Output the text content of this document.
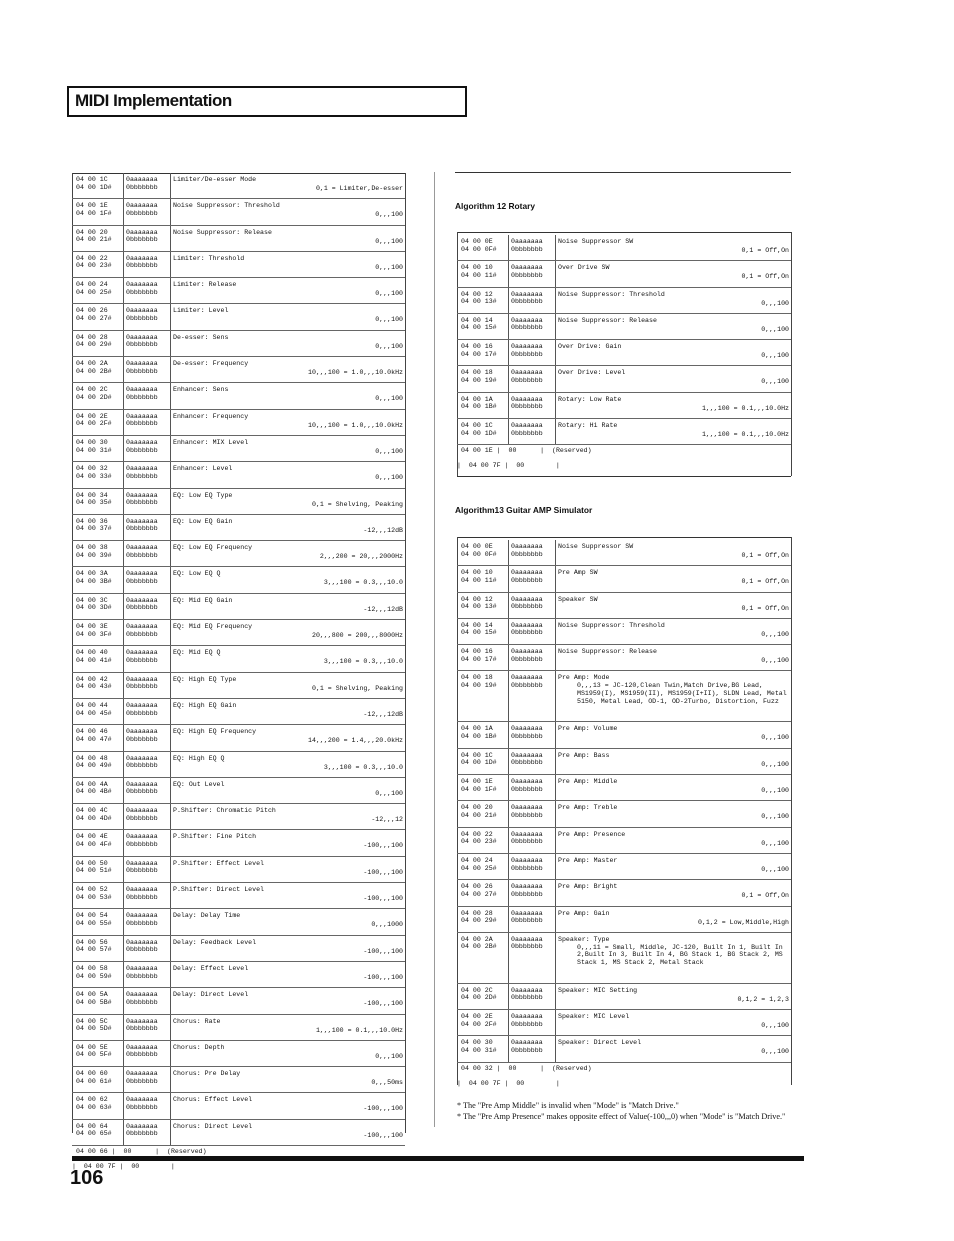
MIDI Implementation
04 00 1C
04 00 1D#
0aaaaaaa
0bbbbbbb
Limiter/De-esser Mode
0,1 = Limiter,De-esser
04 00 1E
04 00 1F#
0aaaaaaa
0bbbbbbb
Noise Suppressor: Threshold
0,,,100
04 00 20
04 00 21#
0aaaaaaa
0bbbbbbb
Noise Suppressor: Release
0,,,100
04 00 22
04 00 23#
0aaaaaaa
0bbbbbbb
Limiter: Threshold
0,,,100
04 00 24
04 00 25#
0aaaaaaa
0bbbbbbb
Limiter: Release
0,,,100
04 00 26
04 00 27#
0aaaaaaa
0bbbbbbb
Limiter: Level
0,,,100
04 00 28
04 00 29#
0aaaaaaa
0bbbbbbb
De-esser: Sens
0,,,100
04 00 2A
04 00 2B#
0aaaaaaa
0bbbbbbb
De-esser: Frequency
10,,,100 = 1.0,,,10.0kHz
04 00 2C
04 00 2D#
0aaaaaaa
0bbbbbbb
Enhancer: Sens
0,,,100
04 00 2E
04 00 2F#
0aaaaaaa
0bbbbbbb
Enhancer: Frequency
10,,,100 = 1.0,,,10.0kHz
04 00 30
04 00 31#
0aaaaaaa
0bbbbbbb
Enhancer: MIX Level
0,,,100
04 00 32
04 00 33#
0aaaaaaa
0bbbbbbb
Enhancer: Level
0,,,100
04 00 34
04 00 35#
0aaaaaaa
0bbbbbbb
EQ: Low EQ Type
0,1 = Shelving, Peaking
04 00 36
04 00 37#
0aaaaaaa
0bbbbbbb
EQ: Low EQ Gain
-12,,,12dB
04 00 38
04 00 39#
0aaaaaaa
0bbbbbbb
EQ: Low EQ Frequency
2,,,200 = 20,,,2000Hz
04 00 3A
04 00 3B#
0aaaaaaa
0bbbbbbb
EQ: Low EQ Q
3,,,100 = 0.3,,,10.0
04 00 3C
04 00 3D#
0aaaaaaa
0bbbbbbb
EQ: Mid EQ Gain
-12,,,12dB
04 00 3E
04 00 3F#
0aaaaaaa
0bbbbbbb
EQ: Mid EQ Frequency
20,,,800 = 200,,,8000Hz
04 00 40
04 00 41#
0aaaaaaa
0bbbbbbb
EQ: Mid EQ Q
3,,,100 = 0.3,,,10.0
04 00 42
04 00 43#
0aaaaaaa
0bbbbbbb
EQ: High EQ Type
0,1 = Shelving, Peaking
04 00 44
04 00 45#
0aaaaaaa
0bbbbbbb
EQ: High EQ Gain
-12,,,12dB
04 00 46
04 00 47#
0aaaaaaa
0bbbbbbb
EQ: High EQ Frequency
14,,,200 = 1.4,,,20.0kHz
04 00 48
04 00 49#
0aaaaaaa
0bbbbbbb
EQ: High EQ Q
3,,,100 = 0.3,,,10.0
04 00 4A
04 00 4B#
0aaaaaaa
0bbbbbbb
EQ: Out Level
0,,,100
04 00 4C
04 00 4D#
0aaaaaaa
0bbbbbbb
P.Shifter: Chromatic Pitch
-12,,,12
04 00 4E
04 00 4F#
0aaaaaaa
0bbbbbbb
P.Shifter: Fine Pitch
-100,,,100
04 00 50
04 00 51#
0aaaaaaa
0bbbbbbb
P.Shifter: Effect Level
-100,,,100
04 00 52
04 00 53#
0aaaaaaa
0bbbbbbb
P.Shifter: Direct Level
-100,,,100
04 00 54
04 00 55#
0aaaaaaa
0bbbbbbb
Delay: Delay Time
0,,,1000
04 00 56
04 00 57#
0aaaaaaa
0bbbbbbb
Delay: Feedback Level
-100,,,100
04 00 58
04 00 59#
0aaaaaaa
0bbbbbbb
Delay: Effect Level
-100,,,100
04 00 5A
04 00 5B#
0aaaaaaa
0bbbbbbb
Delay: Direct Level
-100,,,100
04 00 5C
04 00 5D#
0aaaaaaa
0bbbbbbb
Chorus: Rate
1,,,100 = 0.1,,,10.0Hz
04 00 5E
04 00 5F#
0aaaaaaa
0bbbbbbb
Chorus: Depth
0,,,100
04 00 60
04 00 61#
0aaaaaaa
0bbbbbbb
Chorus: Pre Delay
0,,,50ms
04 00 62
04 00 63#
0aaaaaaa
0bbbbbbb
Chorus: Effect Level
-100,,,100
04 00 64
04 00 65#
0aaaaaaa
0bbbbbbb
Chorus: Direct Level
-100,,,100
04 00 66 |  00      |  (Reserved)
|  04 00 7F |  00        |
Algorithm 12 Rotary
04 00 0E
04 00 0F#
0aaaaaaa
0bbbbbbb
Noise Suppressor SW
0,1 = Off,On
04 00 10
04 00 11#
0aaaaaaa
0bbbbbbb
Over Drive SW
0,1 = Off,On
04 00 12
04 00 13#
0aaaaaaa
0bbbbbbb
Noise Suppressor: Threshold
0,,,100
04 00 14
04 00 15#
0aaaaaaa
0bbbbbbb
Noise Suppressor: Release
0,,,100
04 00 16
04 00 17#
0aaaaaaa
0bbbbbbb
Over Drive: Gain
0,,,100
04 00 18
04 00 19#
0aaaaaaa
0bbbbbbb
Over Drive: Level
0,,,100
04 00 1A
04 00 1B#
0aaaaaaa
0bbbbbbb
Rotary: Low Rate
1,,,100 = 0.1,,,10.0Hz
04 00 1C
04 00 1D#
0aaaaaaa
0bbbbbbb
Rotary: Hi Rate
1,,,100 = 0.1,,,10.0Hz
04 00 1E |  00      |  (Reserved)
|  04 00 7F |  00        |
Algorithm13 Guitar AMP Simulator
04 00 0E
04 00 0F#
0aaaaaaa
0bbbbbbb
Noise Suppressor SW
0,1 = Off,On
04 00 10
04 00 11#
0aaaaaaa
0bbbbbbb
Pre Amp SW
0,1 = Off,On
04 00 12
04 00 13#
0aaaaaaa
0bbbbbbb
Speaker SW
0,1 = Off,On
04 00 14
04 00 15#
0aaaaaaa
0bbbbbbb
Noise Suppressor: Threshold
0,,,100
04 00 16
04 00 17#
0aaaaaaa
0bbbbbbb
Noise Suppressor: Release
0,,,100
04 00 18
04 00 19#
0aaaaaaa
0bbbbbbb
Pre Amp: Mode
0,,,13 = JC-120,Clean Twin,Match Drive,BG Lead, MS1959(I), MS1959(II), MS1959(I+II), SLDN Lead, Metal 5150, Metal Lead, OD-1, OD-2Turbo, Distortion, Fuzz
04 00 1A
04 00 1B#
0aaaaaaa
0bbbbbbb
Pre Amp: Volume
0,,,100
04 00 1C
04 00 1D#
0aaaaaaa
0bbbbbbb
Pre Amp: Bass
0,,,100
04 00 1E
04 00 1F#
0aaaaaaa
0bbbbbbb
Pre Amp: Middle
0,,,100
04 00 20
04 00 21#
0aaaaaaa
0bbbbbbb
Pre Amp: Treble
0,,,100
04 00 22
04 00 23#
0aaaaaaa
0bbbbbbb
Pre Amp: Presence
0,,,100
04 00 24
04 00 25#
0aaaaaaa
0bbbbbbb
Pre Amp: Master
0,,,100
04 00 26
04 00 27#
0aaaaaaa
0bbbbbbb
Pre Amp: Bright
0,1 = Off,On
04 00 28
04 00 29#
0aaaaaaa
0bbbbbbb
Pre Amp: Gain
0,1,2 = Low,Middle,High
04 00 2A
04 00 2B#
0aaaaaaa
0bbbbbbb
Speaker: Type
0,,,11 = Small, Middle, JC-120, Built In 1, Built In 2,Built In 3, Built In 4, BG Stack 1, BG Stack 2, MS Stack 1, MS Stack 2, Metal Stack
04 00 2C
04 00 2D#
0aaaaaaa
0bbbbbbb
Speaker: MIC Setting
0,1,2 = 1,2,3
04 00 2E
04 00 2F#
0aaaaaaa
0bbbbbbb
Speaker: MIC Level
0,,,100
04 00 30
04 00 31#
0aaaaaaa
0bbbbbbb
Speaker: Direct Level
0,,,100
04 00 32 |  00      |  (Reserved)
|  04 00 7F |  00        |
* The "Pre Amp Middle" is invalid when "Mode" is "Match Drive."
* The "Pre Amp Presence" makes opposite effect of Value(-100,,,0) when "Mode" is "Match Drive."
106
